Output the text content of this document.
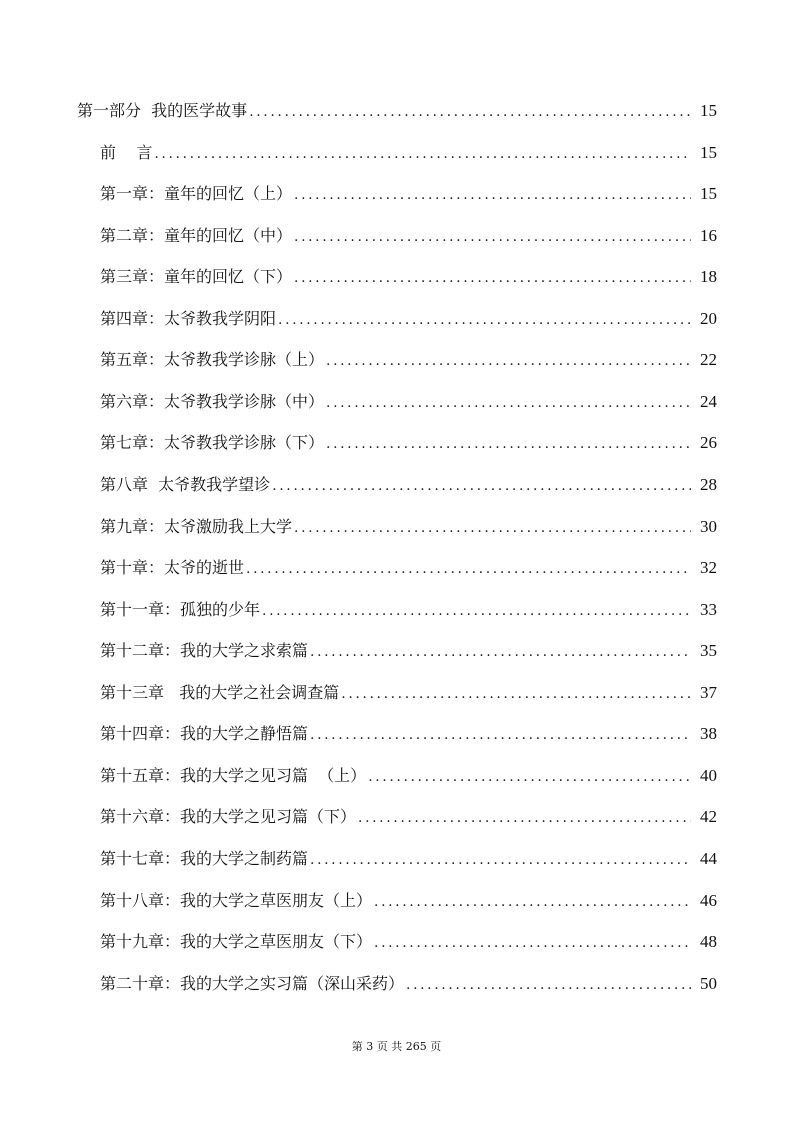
第一部分  我的医学故事 .....	15
前    言 .....	15
第一章：童年的回忆（上） .....	15
第二章：童年的回忆（中） .....	16
第三章：童年的回忆（下） .....	18
第四章：太爷教我学阴阳 .....	20
第五章：太爷教我学诊脉（上） .....	22
第六章：太爷教我学诊脉（中） .....	24
第七章：太爷教我学诊脉（下） .....	26
第八章  太爷教我学望诊 .....	28
第九章：太爷激励我上大学 .....	30
第十章：太爷的逝世 .....	32
第十一章：孤独的少年 .....	33
第十二章：我的大学之求索篇 .....	35
第十三章   我的大学之社会调查篇 .....	37
第十四章：我的大学之静悟篇 .....	38
第十五章：我的大学之见习篇  （上） .....	40
第十六章：我的大学之见习篇（下） .....	42
第十七章：我的大学之制药篇 .....	44
第十八章：我的大学之草医朋友（上） .....	46
第十九章：我的大学之草医朋友（下） .....	48
第二十章：我的大学之实习篇（深山采药） .....	50
第 3 页 共 265 页
